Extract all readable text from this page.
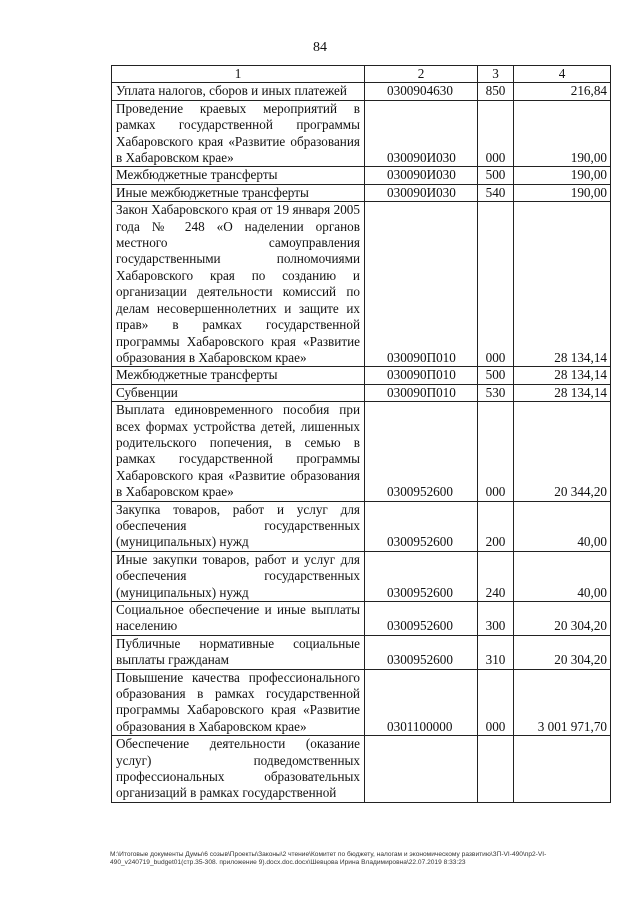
84
1	2	3	4
Уплата налогов, сборов и иных платежей	0300904630	850	216,84
Проведение краевых мероприятий в рамках государственной программы Хабаровского края «Развитие образования в Хабаровском крае»	030090И030	000	190,00
Межбюджетные трансферты	030090И030	500	190,00
Иные межбюджетные трансферты	030090И030	540	190,00
Закон Хабаровского края от 19 января 2005 года № 248 «О наделении органов местного самоуправления государственными полномочиями Хабаровского края по созданию и организации деятельности комиссий по делам несовершеннолетних и защите их прав» в рамках государственной программы Хабаровского края «Развитие образования в Хабаровском крае»	030090П010	000	28 134,14
Межбюджетные трансферты	030090П010	500	28 134,14
Субвенции	030090П010	530	28 134,14
Выплата единовременного пособия при всех формах устройства детей, лишенных родительского попечения, в семью в рамках государственной программы Хабаровского края «Развитие образования в Хабаровском крае»	0300952600	000	20 344,20
Закупка товаров, работ и услуг для обеспечения государственных (муниципальных) нужд	0300952600	200	40,00
Иные закупки товаров, работ и услуг для обеспечения государственных (муниципальных) нужд	0300952600	240	40,00
Социальное обеспечение и иные выплаты населению	0300952600	300	20 304,20
Публичные нормативные социальные выплаты гражданам	0300952600	310	20 304,20
Повышение качества профессионального образования в рамках государственной программы Хабаровского края «Развитие образования в Хабаровском крае»	0301100000	000	3 001 971,70
Обеспечение деятельности (оказание услуг) подведомственных профессиональных образовательных организаций в рамках государственной			
М:\Итоговые документы Думы\6 созыв\Проекты\Законы\2 чтение\Комитет по бюджету, налогам и экономическому развитию\ЗП-VI-490\пр2-VI-490_v240719_budget01(стр.35-308. приложение 9).docx.doc.docx\Шевцова Ирина Владимировна\22.07.2019 8:33:23
